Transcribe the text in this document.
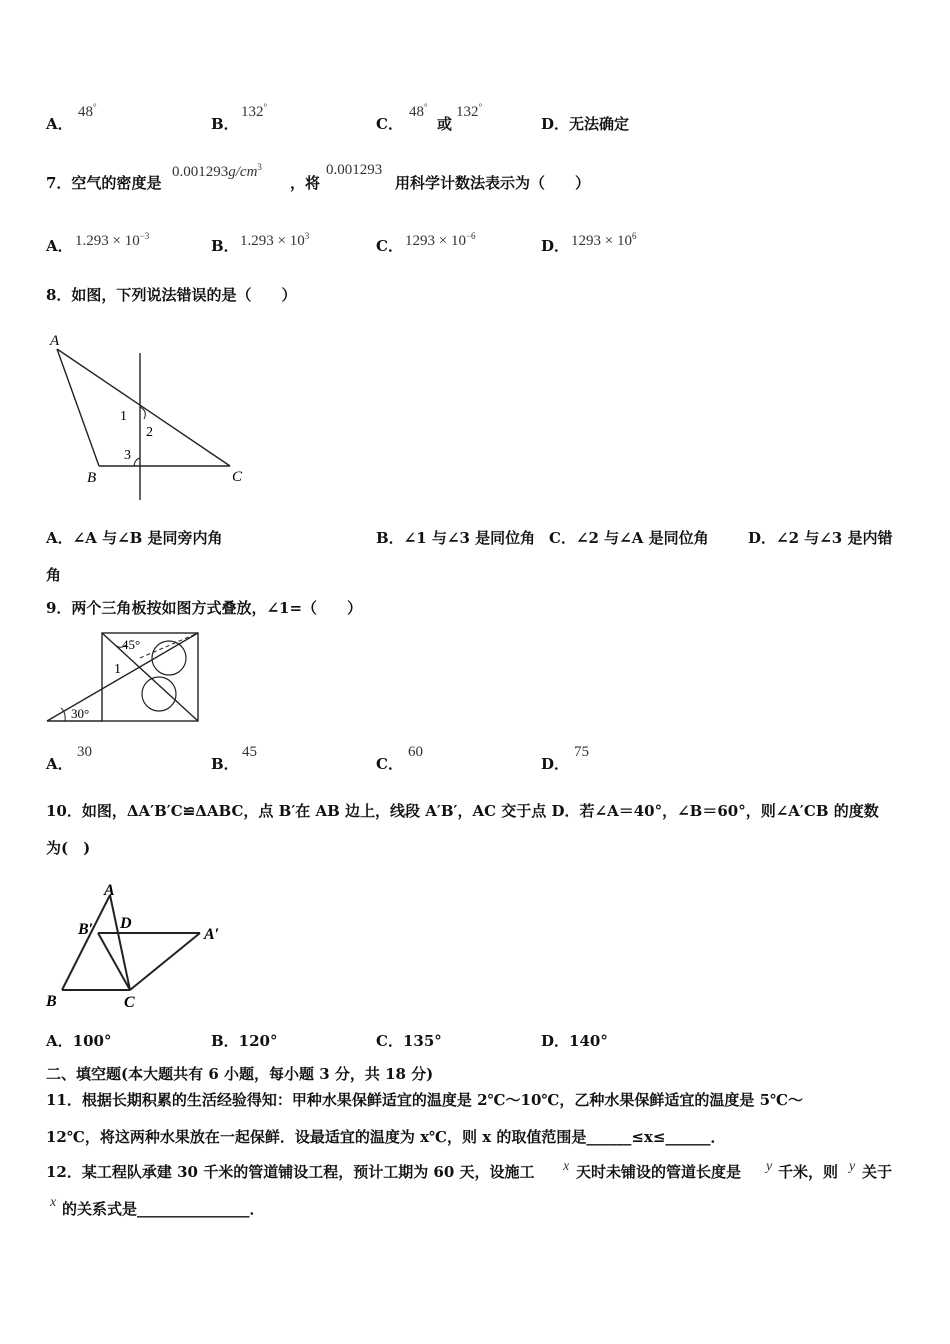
A．
48°
B．
132°
C．
48°
或
132°
D．无法确定
7．空气的密度是
$0.001293g/cm^3$
，将
0.001293
用科学计数法表示为（　　）
A． $1.293 \times 10^{-3}$
B． $1.293 \times 10^3$
C． $1293 \times 10^{-6}$
D． $1293 \times 10^6$
8．如图，下列说法错误的是（　　）
A
B	C
1
2
3
A．∠A 与∠B 是同旁内角	B．∠1 与∠3 是同位角 C．∠2 与∠A 是同位角	D．∠2 与∠3 是内错
角
9．两个三角板按如图方式叠放，∠1=（　　）
45°
1
30°
A．
30
B．
45
C．
60
D．
75
10．如图，ΔA′B′C≌ΔABC，点 B′在 AB 边上，线段 A′B′，AC 交于点 D．若∠A＝40°，∠B＝60°，则∠A′CB 的度数
为(　)
A
B′ D
A′
B	C
A．100°	B．120°	C．135°	D．140°
二、填空题(本大题共有 6 小题，每小题 3 分，共 18 分)
11．根据长期积累的生活经验得知：甲种水果保鲜适宜的温度是 2℃～10℃，乙种水果保鲜适宜的温度是 5℃～
12℃，将这两种水果放在一起保鲜．设最适宜的温度为 x℃，则 x 的取值范围是______≤x≤______．
12．某工程队承建 30 千米的管道铺设工程，预计工期为 60 天，设施工 x 天时未铺设的管道长度是 y 千米，则 y 关于
x 的关系式是_______________．
